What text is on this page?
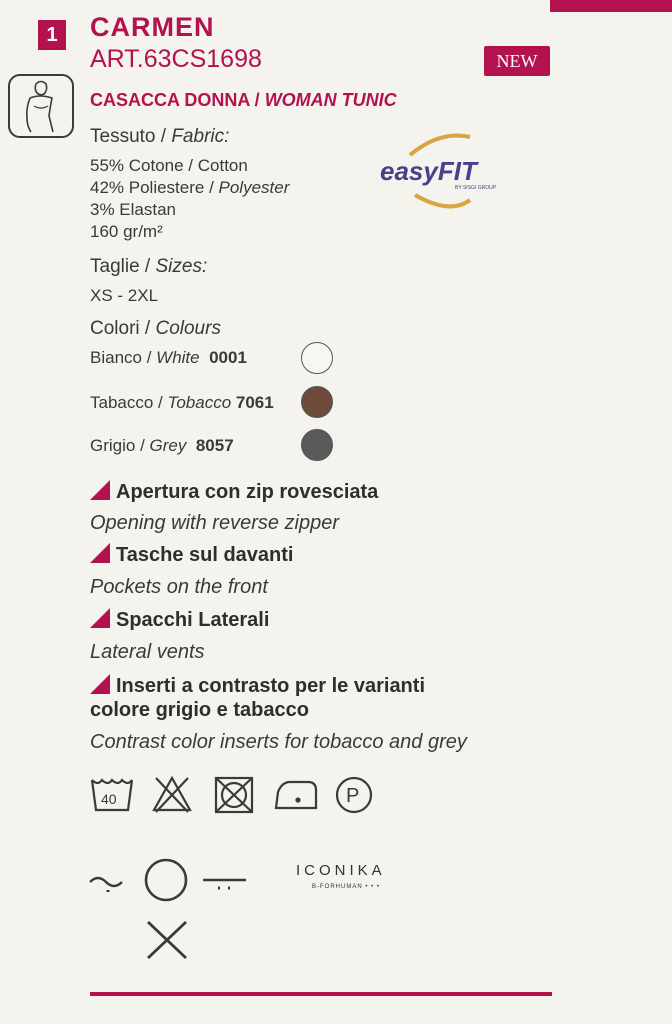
1	CARMEN
ART.63CS1698	NEW
CASACCA DONNA / WOMAN TUNIC
Tessuto / Fabric:
55% Cotone / Cotton
42% Poliestere / Polyester
3% Elastan
160 gr/m²
easyFIT
BY SISGI GROUP
Taglie / Sizes:
XS - 2XL
Colori / Colours
Bianco / White 0001
Tabacco / Tobacco 7061
Grigio / Grey 8057
Apertura con zip rovesciata
Opening with reverse zipper
Tasche sul davanti
Pockets on the front
Spacchi Laterali
Lateral vents
Inserti a contrasto per le varianti
colore grigio e tabacco
Contrast color inserts for tobacco and grey
40	P
ICONIKA
B-FORHUMAN • • •
